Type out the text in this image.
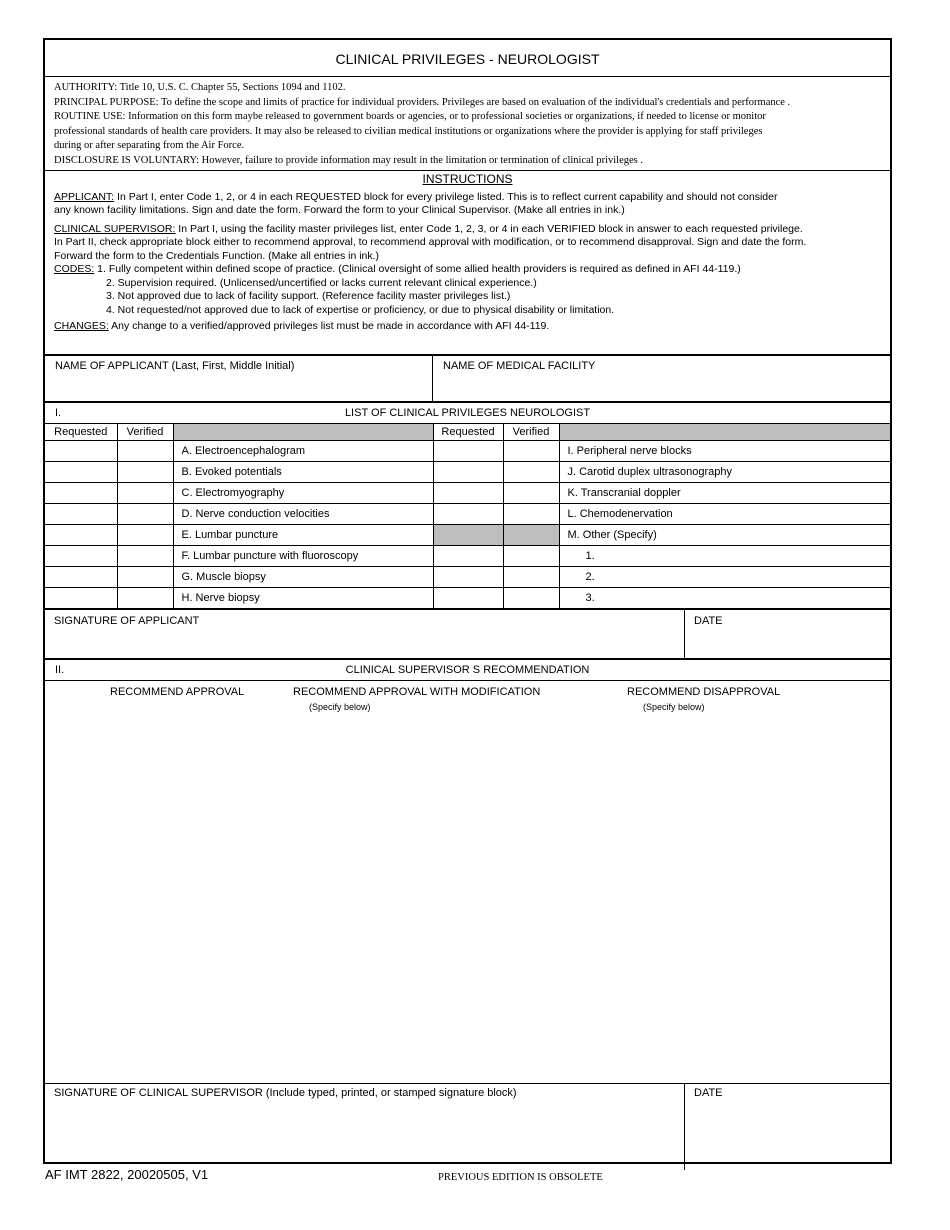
CLINICAL PRIVILEGES - NEUROLOGIST
AUTHORITY: Title 10, U.S. C. Chapter 55, Sections 1094 and 1102.
PRINCIPAL PURPOSE: To define the scope and limits of practice for individual providers. Privileges are based on evaluation of the individual's credentials and performance .
ROUTINE USE: Information on this form maybe released to government boards or agencies, or to professional societies or organizations, if needed to license or monitor
professional standards of health care providers. It may also be released to civilian medical institutions or organizations where the provider is applying for staff privileges
during or after separating from the Air Force.
DISCLOSURE IS VOLUNTARY: However, failure to provide information may result in the limitation or termination of clinical privileges .
INSTRUCTIONS
APPLICANT: In Part I, enter Code 1, 2, or 4 in each REQUESTED block for every privilege listed. This is to reflect current capability and should not consider
any known facility limitations. Sign and date the form. Forward the form to your Clinical Supervisor. (Make all entries in ink.)
CLINICAL SUPERVISOR: In Part I, using the facility master privileges list, enter Code 1, 2, 3, or 4 in each VERIFIED block in answer to each requested privilege.
In Part II, check appropriate block either to recommend approval, to recommend approval with modification, or to recommend disapproval. Sign and date the form.
Forward the form to the Credentials Function. (Make all entries in ink.)
CODES: 1. Fully competent within defined scope of practice. (Clinical oversight of some allied health providers is required as defined in AFI 44-119.)
2. Supervision required. (Unlicensed/uncertified or lacks current relevant clinical experience.)
3. Not approved due to lack of facility support. (Reference facility master privileges list.)
4. Not requested/not approved due to lack of expertise or proficiency, or due to physical disability or limitation.
CHANGES: Any change to a verified/approved privileges list must be made in accordance with AFI 44-119.
NAME OF APPLICANT (Last, First, Middle Initial)	NAME OF MEDICAL FACILITY
I.	LIST OF CLINICAL PRIVILEGES NEUROLOGIST
Requested	Verified		Requested	Verified	
		A. Electroencephalogram			I. Peripheral nerve blocks
		B. Evoked potentials			J. Carotid duplex ultrasonography
		C. Electromyography			K. Transcranial doppler
		D. Nerve conduction velocities			L. Chemodenervation
		E. Lumbar puncture			M. Other (Specify)
		F. Lumbar puncture with fluoroscopy			1.
		G. Muscle biopsy			2.
		H. Nerve biopsy			3.
SIGNATURE OF APPLICANT	DATE
II.	CLINICAL SUPERVISOR S RECOMMENDATION
RECOMMEND APPROVAL	RECOMMEND APPROVAL WITH MODIFICATION
(Specify below)
RECOMMEND DISAPPROVAL
(Specify below)
SIGNATURE OF CLINICAL SUPERVISOR (Include typed, printed, or stamped signature block)	DATE
AF IMT 2822, 20020505, V1	PREVIOUS EDITION IS OBSOLETE
